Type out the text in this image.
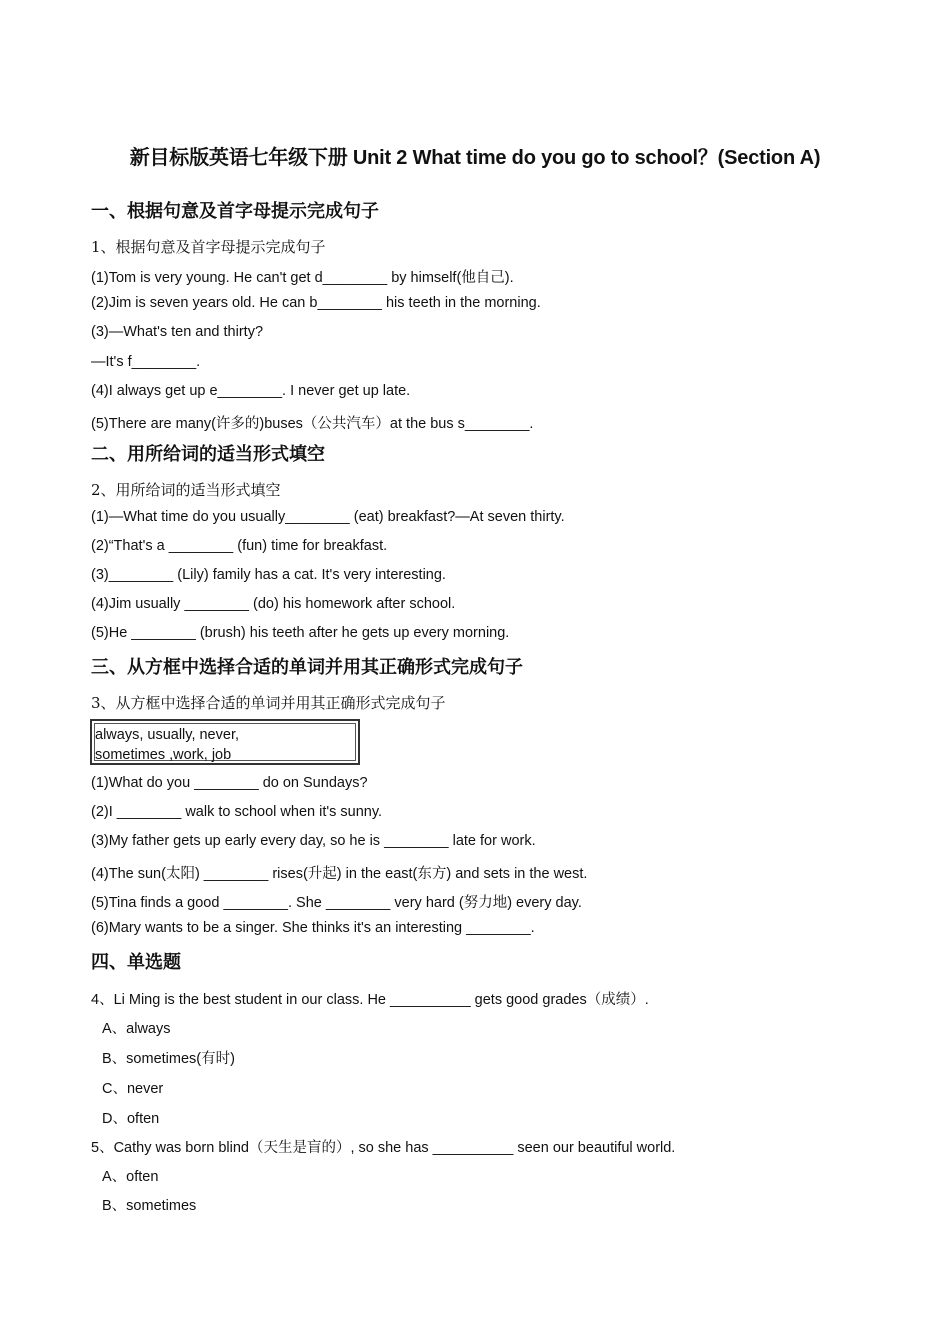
新目标版英语七年级下册 Unit 2 What time do you go to school？(Section A)
一、根据句意及首字母提示完成句子
1、根据句意及首字母提示完成句子
(1)Tom is very young. He can't get d________ by himself(他自己).
(2)Jim is seven years old. He can b________ his teeth in the morning.
(3)—What's ten and thirty?
—It's f________.
(4)I always get up e________. I never get up late.
(5)There are many(许多的)buses（公共汽车）at the bus s________.
二、用所给词的适当形式填空
2、用所给词的适当形式填空
(1)—What time do you usually________ (eat) breakfast?—At seven thirty.
(2)“That's a ________ (fun) time for breakfast.
(3)________ (Lily) family has a cat. It's very interesting.
(4)Jim usually ________ (do) his homework after school.
(5)He ________ (brush) his teeth after he gets up every morning.
三、从方框中选择合适的单词并用其正确形式完成句子
3、从方框中选择合适的单词并用其正确形式完成句子
always, usually, never,
sometimes ,work, job
(1)What do you ________ do on Sundays?
(2)I ________ walk to school when it's sunny.
(3)My father gets up early every day, so he is ________ late for work.
(4)The sun(太阳) ________ rises(升起) in the east(东方) and sets in the west.
(5)Tina finds a good ________. She ________ very hard (努力地) every day.
(6)Mary wants to be a singer. She thinks it's an interesting ________.
四、单选题
4、Li Ming is the best student in our class. He __________ gets good grades（成绩）.
A、always
B、sometimes(有时)
C、never
D、often
5、Cathy was born blind（天生是盲的）, so she has __________ seen our beautiful world.
A、often
B、sometimes
